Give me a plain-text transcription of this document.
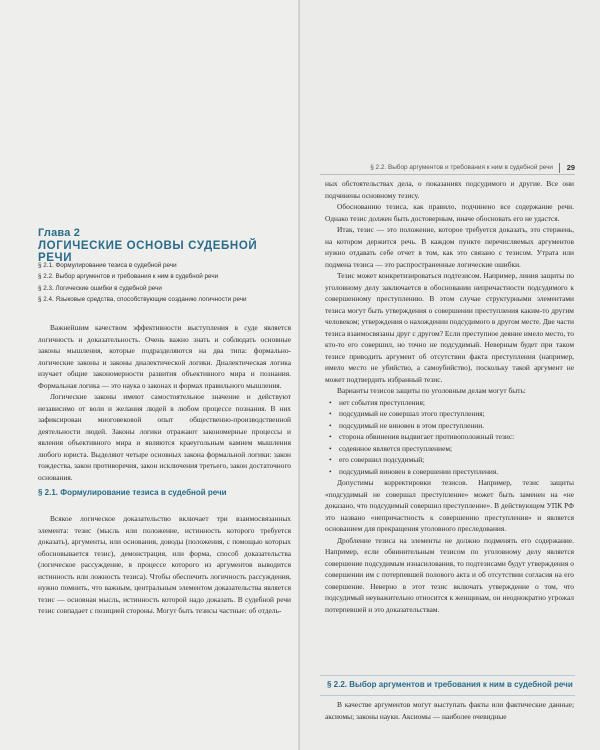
Глава 2
ЛОГИЧЕСКИЕ ОСНОВЫ СУДЕБНОЙ РЕЧИ
§ 2.1. Формулирование тезиса в судебной речи
§ 2.2. Выбор аргументов и требования к ним в судебной речи
§ 2.3. Логические ошибки в судебной речи
§ 2.4. Языковые средства, способствующие созданию логичности речи

Важнейшим качеством эффективности выступления в суде является логичность и доказательность. Очень важно знать и соблюдать основные законы мышления, которые подразделяются на два типа: формально-логические законы и законы диалектической логики. Диалектическая логика изучает общие закономерности развития объективного мира и познания. Формальная логика — это наука о законах и формах правильного мышления.

Логические законы имеют самостоятельное значение и действуют независимо от воли и желания людей в любом процессе познания. В них зафиксирован многовековой опыт общественно-производственной деятельности людей. Законы логики отражают закономерные процессы и явления объективного мира и являются краеугольным камнем мышления любого юриста. Выделяют четыре основных закона формальной логики: закон тождества, закон противоречия, закон исключения третьего, закон достаточного основания.

§ 2.1. Формулирование тезиса в судебной речи

Всякое логическое доказательство включает три взаимосвязанных элемента: тезис (мысль или положение, истинность которого требуется доказать), аргументы, или основания, доводы (положения, с помощью которых обосновывается тезис), демонстрация, или форма, способ доказательства (логическое рассуждение, в процессе которого из аргументов выводится истинность или ложность тезиса). Чтобы обеспечить логичность рассуждения, нужно помнить, что важным, центральным элементом доказательства является тезис — основная мысль, истинность которой надо доказать. В судебной речи тезис совпадает с позицией стороны. Могут быть тезисы частные: об отдель-

§ 2.2. Выбор аргументов и требования к ним в судебной речи 29

ных обстоятельствах дела, о показаниях подсудимого и другие. Все они подчинены основному тезису.

Обоснованию тезиса, как правило, подчинено все содержание речи. Однако тезис должен быть достоверным, иначе обосновать его не удастся.

Итак, тезис — это положение, которое требуется доказать, это стержень, на котором держится речь. В каждом пункте перечисляемых аргументов нужно отдавать себе отчет в том, как это связано с тезисом. Утрата или подмена тезиса — это распространенные логические ошибки.

Тезис может конкретизироваться подтезисом. Например, линия защиты по уголовному делу заключается в обосновании непричастности подсудимого к совершенному преступлению. В этом случае структурными элементами тезиса могут быть утверждения о совершении преступления каким-то другим человеком; утверждения о нахождении подсудимого в другом месте. Две части тезиса взаимосвязаны друг с другом? Если преступное деяние имело место, то кто-то его совершил, но точно не подсудимый. Неверным будет при таком тезисе приводить аргумент об отсутствии факта преступления (например, имело место не убийство, а самоубийство), поскольку такой аргумент не может подтвердить избранный тезис.

Варианты тезисов защиты по уголовным делам могут быть:

• нет события преступления;
• подсудимый не совершал этого преступления;
• подсудимый не виновен в этом преступлении.
• сторона обвинения выдвигает противоположный тезис:
• содеянное является преступлением;
• его совершил подсудимый;
• подсудимый виновен в совершении преступления.

Допустимы корректировки тезисов. Например, тезис защиты «подсудимый не совершал преступление» может быть заменен на «не доказано, что подсудимый совершил преступление». В действующем УПК РФ это названо «непричастность к совершению преступления» и является основанием для прекращения уголовного преследования.

Дробление тезиса на элементы не должно подменять его содержание. Например, если обвинительным тезисом по уголовному делу является совершение подсудимым изнасилования, то подтезисами будут утверждения о совершении им с потерпевшей полового акта и об отсутствии согласия на его совершение. Неверно в этот тезис включать утверждение о том, что подсудимый неуважительно относится к женщинам, он неоднократно угрожал потерпевшей и это доказательствам.

§ 2.2. Выбор аргументов и требования к ним в судебной речи

В качестве аргументов могут выступать факты или фактические данные; аксиомы; законы науки. Аксиомы — наиболее очевидные
